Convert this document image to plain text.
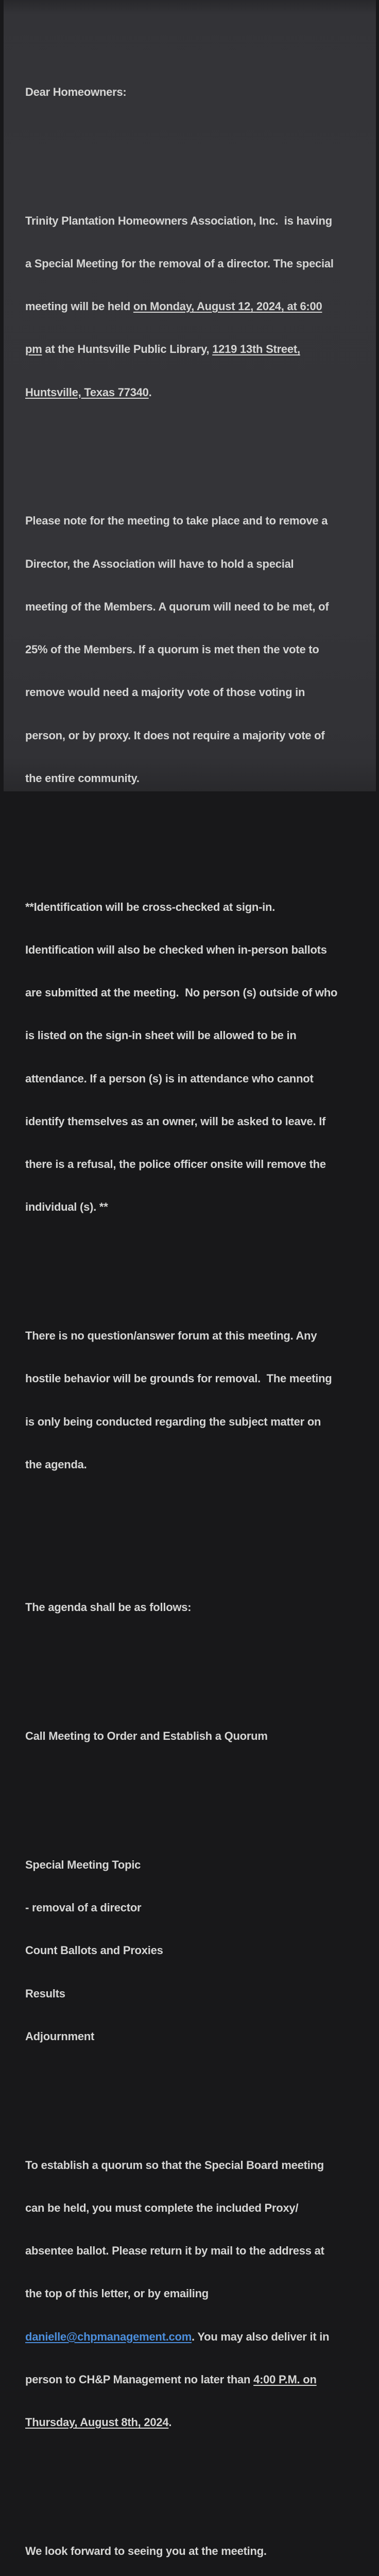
Dear Homeowners:

Trinity Plantation Homeowners Association, Inc.  is having

a Special Meeting for the removal of a director. The special

meeting will be held on Monday, August 12, 2024, at 6:00

pm at the Huntsville Public Library, 1219 13th Street,

Huntsville, Texas 77340.

Please note for the meeting to take place and to remove a

Director, the Association will have to hold a special

meeting of the Members. A quorum will need to be met, of

25% of the Members. If a quorum is met then the vote to

remove would need a majority vote of those voting in

person, or by proxy. It does not require a majority vote of

the entire community.

**Identification will be cross-checked at sign-in.

Identification will also be checked when in-person ballots

are submitted at the meeting.  No person (s) outside of who

is listed on the sign-in sheet will be allowed to be in

attendance. If a person (s) is in attendance who cannot

identify themselves as an owner, will be asked to leave. If

there is a refusal, the police officer onsite will remove the

individual (s). **

There is no question/answer forum at this meeting. Any

hostile behavior will be grounds for removal.  The meeting

is only being conducted regarding the subject matter on

the agenda.

The agenda shall be as follows:

Call Meeting to Order and Establish a Quorum

Special Meeting Topic

- removal of a director

Count Ballots and Proxies

Results

Adjournment

To establish a quorum so that the Special Board meeting

can be held, you must complete the included Proxy/

absentee ballot. Please return it by mail to the address at

the top of this letter, or by emailing

danielle@chpmanagement.com. You may also deliver it in

person to CH&P Management no later than 4:00 P.M. on

Thursday, August 8th, 2024.

We look forward to seeing you at the meeting.
